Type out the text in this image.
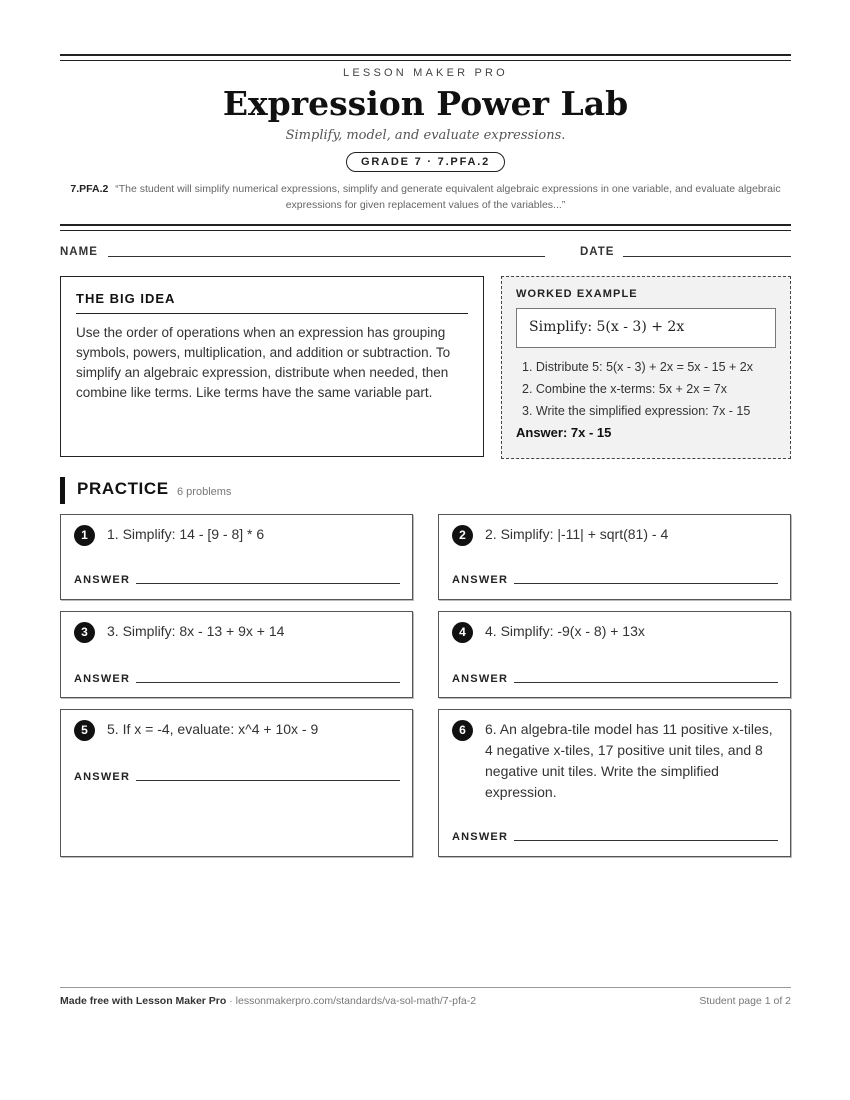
LESSON MAKER PRO
Expression Power Lab
Simplify, model, and evaluate expressions.
GRADE 7 · 7.PFA.2
7.PFA.2 “The student will simplify numerical expressions, simplify and generate equivalent algebraic expressions in one variable, and evaluate algebraic expressions for given replacement values of the variables...”
NAME	DATE
THE BIG IDEA

Use the order of operations when an expression has grouping symbols, powers, multiplication, and addition or subtraction. To simplify an algebraic expression, distribute when needed, then combine like terms. Like terms have the same variable part.

WORKED EXAMPLE
Simplify: 5(x - 3) + 2x
1. Distribute 5: 5(x - 3) + 2x = 5x - 15 + 2x
2. Combine the x-terms: 5x + 2x = 7x
3. Write the simplified expression: 7x - 15
Answer: 7x - 15
PRACTICE 6 problems
1	1. Simplify: 14 - [9 - 8] * 6
ANSWER
2	2. Simplify: |-11| + sqrt(81) - 4
ANSWER
3	3. Simplify: 8x - 13 + 9x + 14
ANSWER
4	4. Simplify: -9(x - 8) + 13x
ANSWER
5	5. If x = -4, evaluate: x^4 + 10x - 9
ANSWER
6	6. An algebra-tile model has 11 positive x-tiles, 4 negative x-tiles, 17 positive unit tiles, and 8 negative unit tiles. Write the simplified expression.
ANSWER
Made free with Lesson Maker Pro · lessonmakerpro.com/standards/va-sol-math/7-pfa-2	Student page 1 of 2
